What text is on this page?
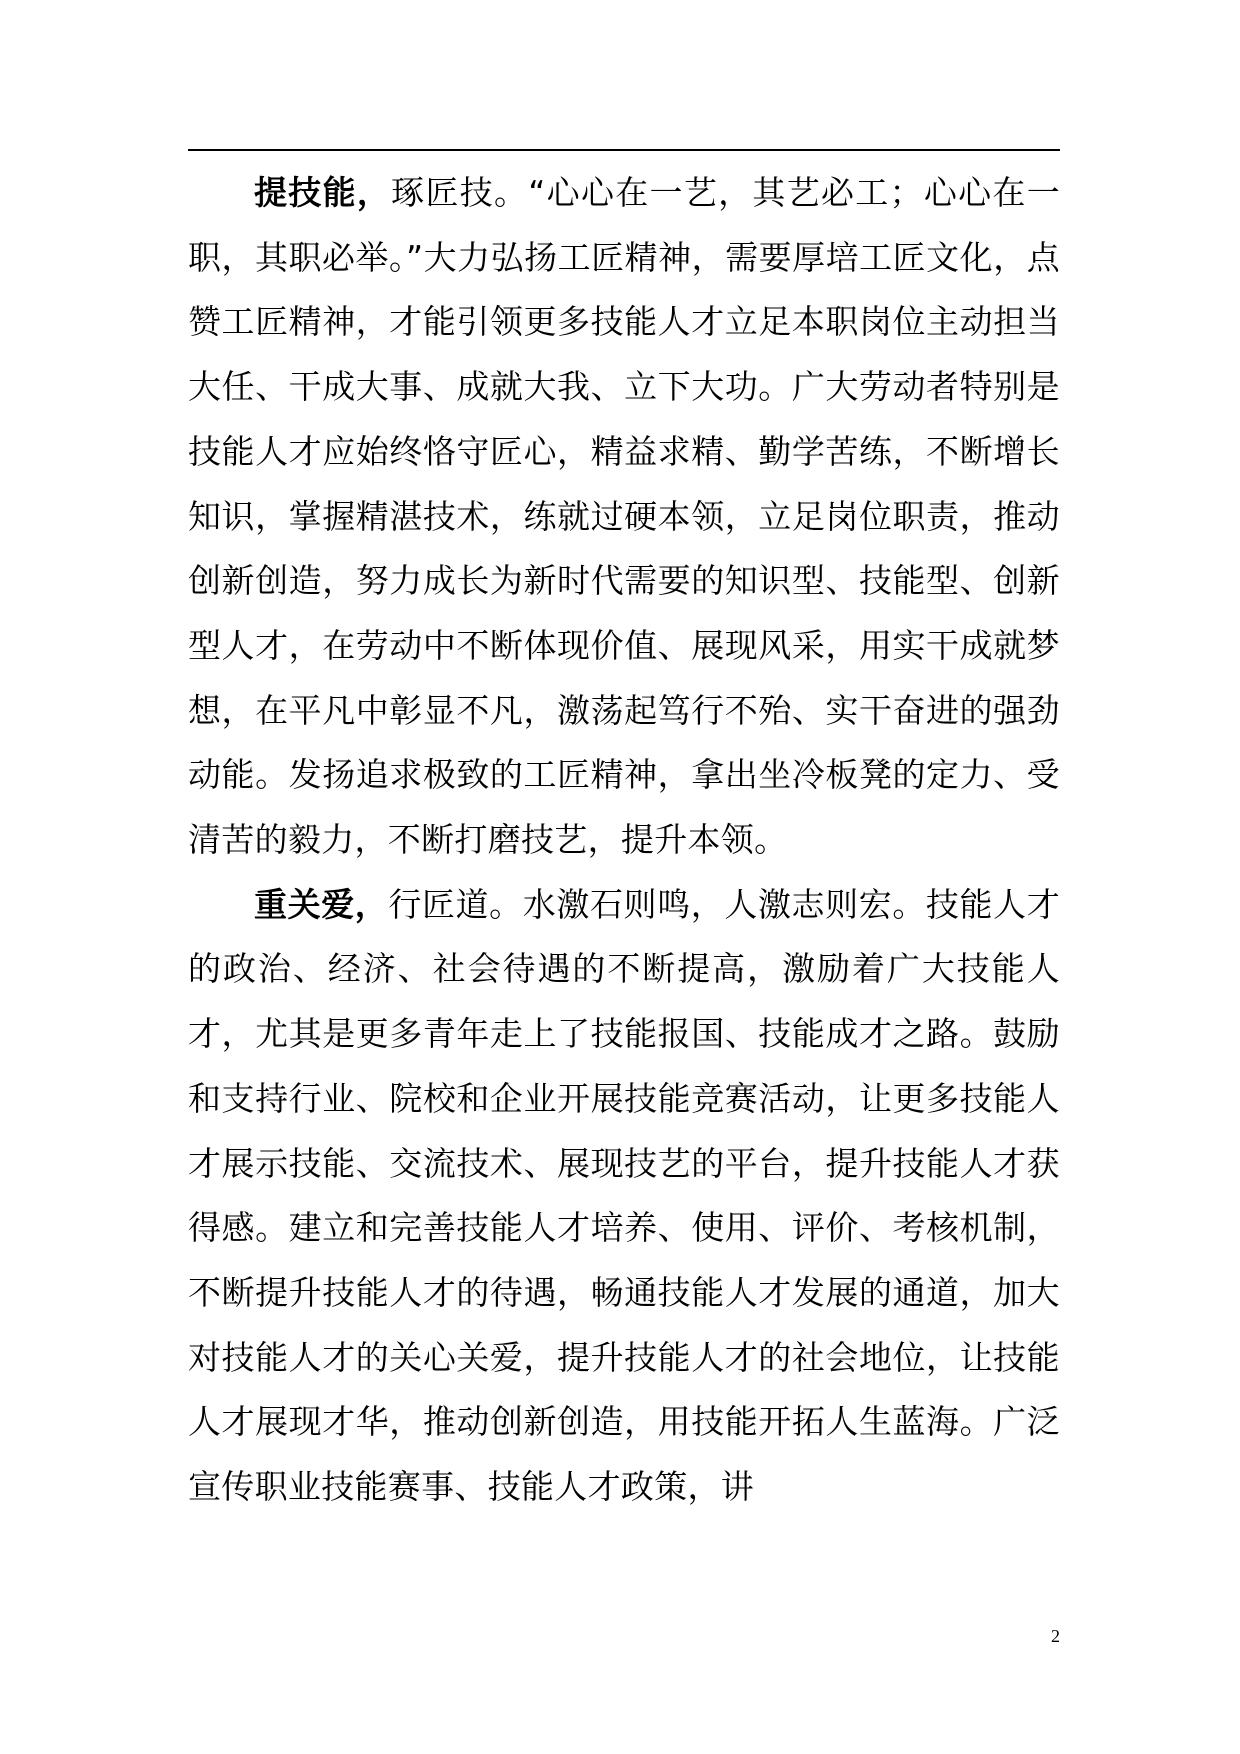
提技能，琢匠技。“心心在一艺，其艺必工；心心在一职，其职必举。”大力弘扬工匠精神，需要厚培工匠文化，点赞工匠精神，才能引领更多技能人才立足本职岗位主动担当大任、干成大事、成就大我、立下大功。广大劳动者特别是技能人才应始终恪守匠心，精益求精、勤学苦练，不断增长知识，掌握精湛技术，练就过硬本领，立足岗位职责，推动创新创造，努力成长为新时代需要的知识型、技能型、创新型人才，在劳动中不断体现价值、展现风采，用实干成就梦想，在平凡中彰显不凡，激荡起笃行不殆、实干奋进的强劲动能。发扬追求极致的工匠精神，拿出坐冷板凳的定力、受清苦的毅力，不断打磨技艺，提升本领。

重关爱，行匠道。水激石则鸣，人激志则宏。技能人才的政治、经济、社会待遇的不断提高，激励着广大技能人才，尤其是更多青年走上了技能报国、技能成才之路。鼓励和支持行业、院校和企业开展技能竞赛活动，让更多技能人才展示技能、交流技术、展现技艺的平台，提升技能人才获得感。建立和完善技能人才培养、使用、评价、考核机制，不断提升技能人才的待遇，畅通技能人才发展的通道，加大对技能人才的关心关爱，提升技能人才的社会地位，让技能人才展现才华，推动创新创造，用技能开拓人生蓝海。广泛宣传职业技能赛事、技能人才政策，讲

2
